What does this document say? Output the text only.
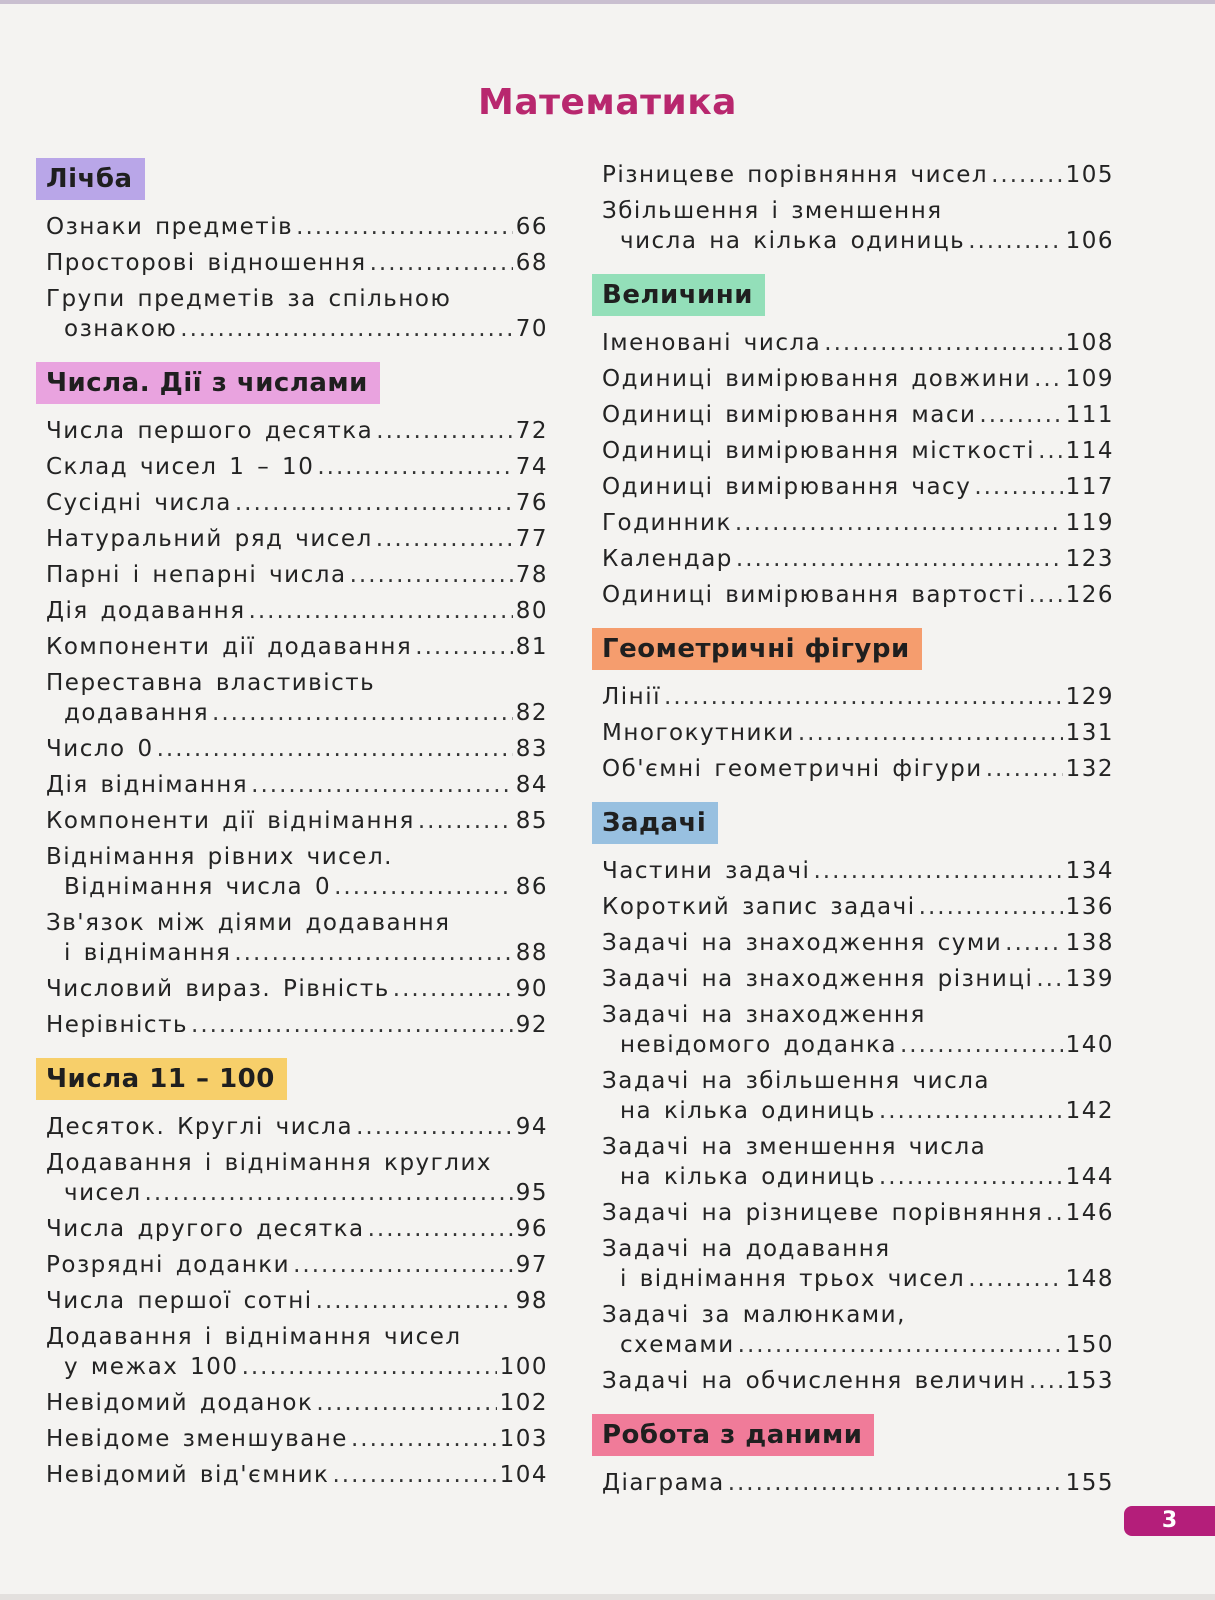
Математика
Лічба
Ознаки предметів .....	66
Просторові відношення .....	68
Групи предметів за спільною
ознакою .....	70
Числа. Дії з числами
Числа першого десятка .....	72
Склад чисел 1 – 10 .....	74
Сусідні числа .....	76
Натуральний ряд чисел .....	77
Парні і непарні числа .....	78
Дія додавання .....	80
Компоненти дії додавання .....	81
Переставна властивість
додавання .....	82
Число 0 .....	83
Дія віднімання .....	84
Компоненти дії віднімання .....	85
Віднімання рівних чисел.
Віднімання числа 0 .....	86
Зв'язок між діями додавання
і віднімання .....	88
Числовий вираз. Рівність .....	90
Нерівність .....	92
Числа 11 – 100
Десяток. Круглі числа .....	94
Додавання і віднімання круглих
чисел .....	95
Числа другого десятка .....	96
Розрядні доданки .....	97
Числа першої сотні .....	98
Додавання і віднімання чисел
у межах 100 .....	100
Невідомий доданок .....	102
Невідоме зменшуване .....	103
Невідомий від'ємник .....	104
Різницеве порівняння чисел .....	105
Збільшення і зменшення
числа на кілька одиниць .....	106
Величини
Іменовані числа .....	108
Одиниці вимірювання довжини ..... 109
Одиниці вимірювання маси .....	111
Одиниці вимірювання місткості ..... 114
Одиниці вимірювання часу .....	117
Годинник .....	119
Календар .....	123
Одиниці вимірювання вартості ..... 126
Геометричні фігури
Лінії .....	129
Многокутники .....	131
Об'ємні геометричні фігури .....	132
Задачі
Частини задачі .....	134
Короткий запис задачі .....	136
Задачі на знаходження суми .....	138
Задачі на знаходження різниці ..... 139
Задачі на знаходження
невідомого доданка .....	140
Задачі на збільшення числа
на кілька одиниць .....	142
Задачі на зменшення числа
на кілька одиниць .....	144
Задачі на різницеве порівняння ..... 146
Задачі на додавання
і віднімання трьох чисел .....	148
Задачі за малюнками,
схемами .....	150
Задачі на обчислення величин ..... 153
Робота з даними
Діаграма .....	155
3
